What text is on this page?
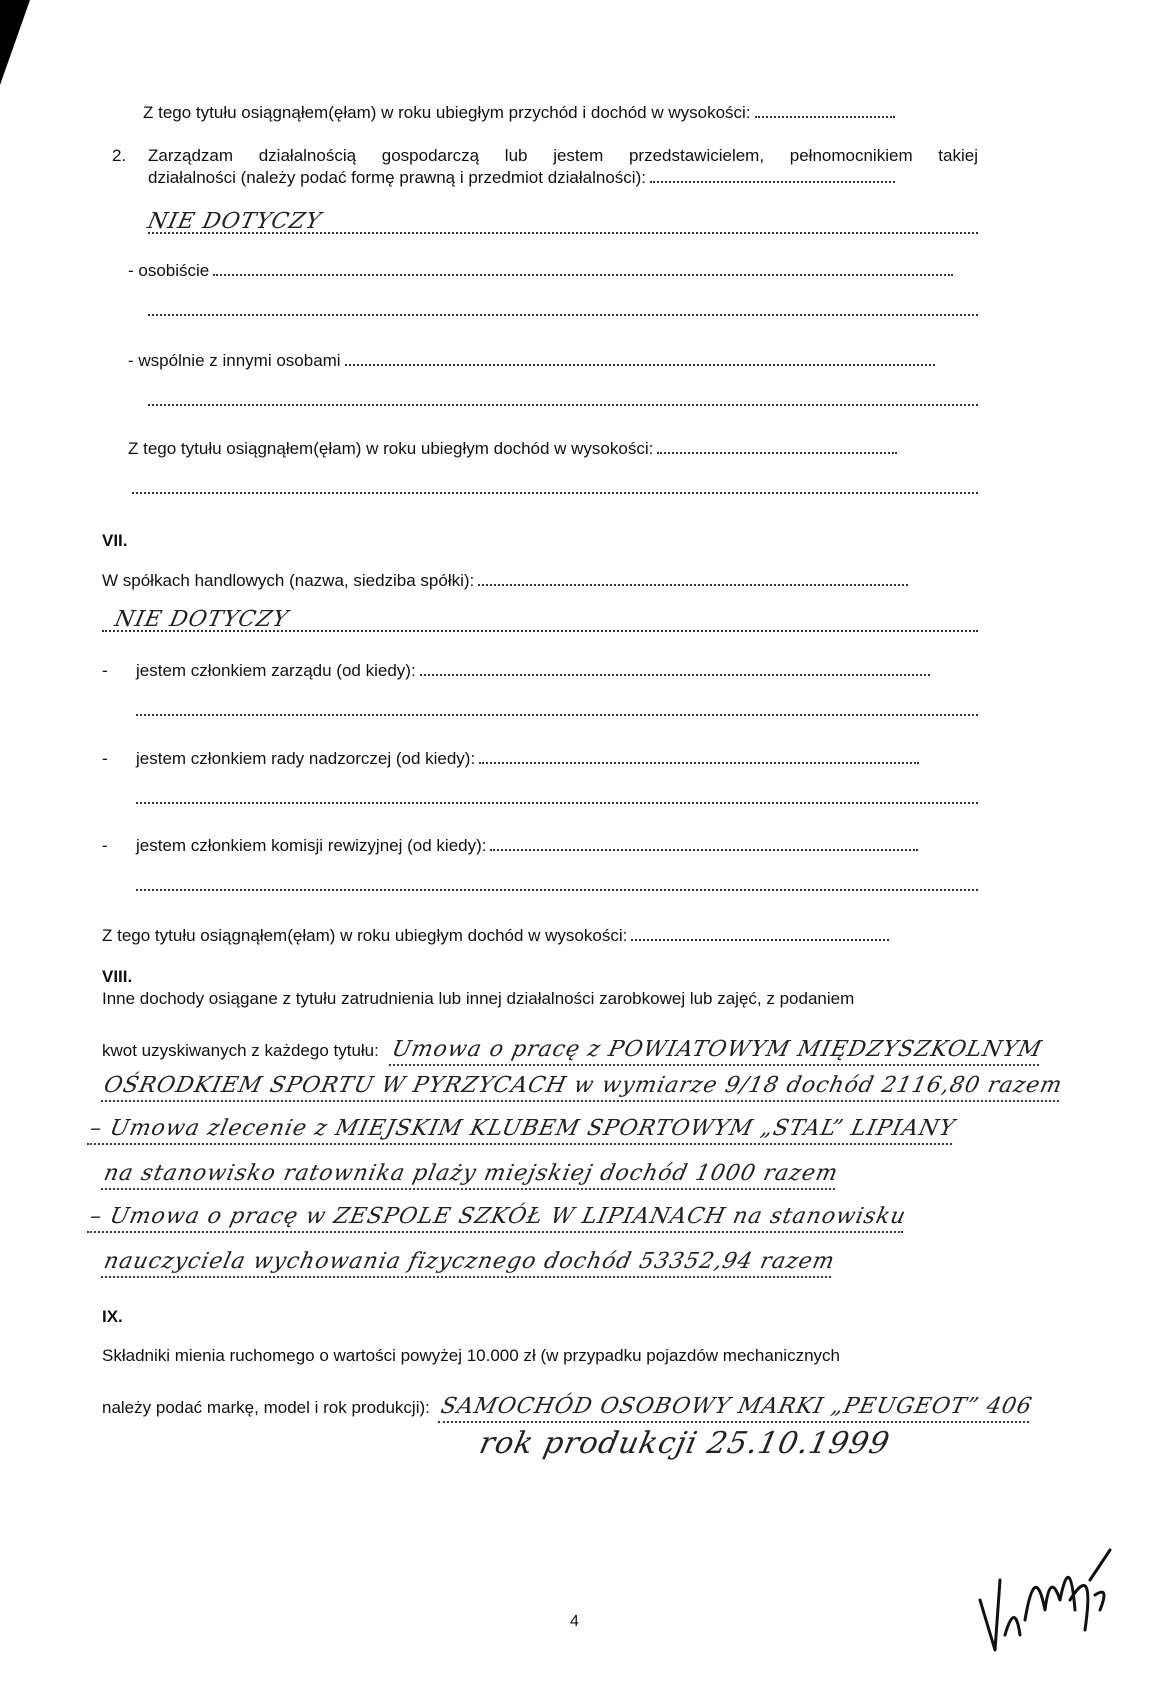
Z tego tytułu osiągnąłem(ęłam) w roku ubiegłym przychód i dochód w wysokości:
2. Zarządzam działalnością gospodarczą lub jestem przedstawicielem, pełnomocnikiem takiej
działalności (należy podać formę prawną i przedmiot działalności):
NIE DOTYCZY
- osobiście
- wspólnie z innymi osobami
Z tego tytułu osiągnąłem(ęłam) w roku ubiegłym dochód w wysokości:
VII.
W spółkach handlowych (nazwa, siedziba spółki):
NIE DOTYCZY
- jestem członkiem zarządu (od kiedy):
- jestem członkiem rady nadzorczej (od kiedy):
- jestem członkiem komisji rewizyjnej (od kiedy):
Z tego tytułu osiągnąłem(ęłam) w roku ubiegłym dochód w wysokości:
VIII.
Inne dochody osiągane z tytułu zatrudnienia lub innej działalności zarobkowej lub zajęć, z podaniem
kwot uzyskiwanych z każdego tytułu: Umowa o pracę z POWIATOWYM MIĘDZYSZKOLNYM
OŚRODKIEM SPORTU W PYRZYCACH w wymiarze 9/18 dochód 2116,80 razem
– Umowa zlecenie z MIEJSKIM KLUBEM SPORTOWYM „STAL” LIPIANY
na stanowisko ratownika plaży miejskiej dochód 1000 razem
– Umowa o pracę w ZESPOLE SZKÓŁ W LIPIANACH na stanowisku
nauczyciela wychowania fizycznego dochód 53352,94 razem
IX.
Składniki mienia ruchomego o wartości powyżej 10.000 zł (w przypadku pojazdów mechanicznych
należy podać markę, model i rok produkcji): SAMOCHÓD OSOBOWY MARKI „PEUGEOT” 406
rok produkcji 25.10.1999
4
